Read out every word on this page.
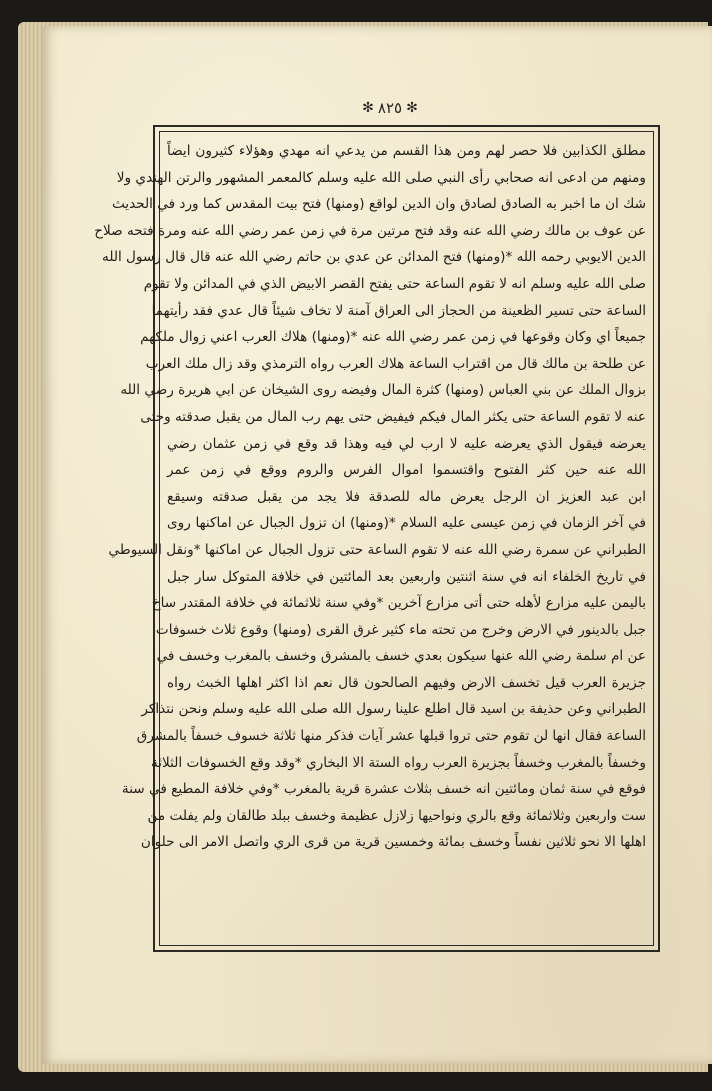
✻ ٨٢٥ ✻
مطلق الكذابين فلا حصر لهم ومن هذا القسم من يدعي انه مهدي وهؤلاء كثيرون ايضاً
ومنهم من ادعى انه صحابي رأى النبي صلى الله عليه وسلم كالمعمر المشهور والرتن الهندي ولا
شك ان ما اخبر به الصادق لصادق وان الدين لواقع (ومنها) فتح بيت المقدس كما ورد في الحديث
عن عوف بن مالك رضي الله عنه وقد فتح مرتين مرة في زمن عمر رضي الله عنه ومرة فتحه صلاح
الدين الايوبي رحمه الله *(ومنها) فتح المدائن عن عدي بن حاتم رضي الله عنه قال قال رسول الله
صلى الله عليه وسلم انه لا تقوم الساعة حتى يفتح القصر الابيض الذي في المدائن ولا تقوم
الساعة حتى تسير الظعينة من الحجاز الى العراق آمنة لا تخاف شيئاً قال عدي فقد رأيتهما
جميعاً اي وكان وقوعها في زمن عمر رضي الله عنه *(ومنها) هلاك العرب اعني زوال ملكهم
عن طلحة بن مالك قال من اقتراب الساعة هلاك العرب رواه الترمذي وقد زال ملك العرب
بزوال الملك عن بني العباس (ومنها) كثرة المال وفيضه روى الشيخان عن ابي هريرة رضي الله
عنه لا تقوم الساعة حتى يكثر المال فيكم فيفيض حتى يهم رب المال من يقبل صدقته وحتى
يعرضه فيقول الذي يعرضه عليه لا ارب لي فيه وهذا قد وقع في زمن عثمان رضي
الله عنه حين كثر الفتوح واقتسموا اموال الفرس والروم ووقع في زمن عمر
ابن عبد العزيز ان الرجل يعرض ماله للصدقة فلا يجد من يقبل صدقته وسيقع
في آخر الزمان في زمن عيسى عليه السلام *(ومنها) ان تزول الجبال عن اماكنها روى
الطبراني عن سمرة رضي الله عنه لا تقوم الساعة حتى تزول الجبال عن اماكنها *ونقل السيوطي
في تاريخ الخلفاء انه في سنة اثنتين واربعين بعد المائتين في خلافة المتوكل سار جبل
باليمن عليه مزارع لأهله حتى أتى مزارع آخرين *وفي سنة ثلاثمائة في خلافة المقتدر ساخ
جبل بالدينور في الارض وخرج من تحته ماء كثير غرق القرى (ومنها) وقوع ثلاث خسوفات
عن ام سلمة رضي الله عنها سيكون بعدي خسف بالمشرق وخسف بالمغرب وخسف في
جزيرة العرب قيل تخسف الارض وفيهم الصالحون قال نعم اذا اكثر اهلها الخبث رواه
الطبراني وعن حذيفة بن اسيد قال اطلع علينا رسول الله صلى الله عليه وسلم ونحن نتذاكر
الساعة فقال انها لن تقوم حتى تروا قبلها عشر آيات فذكر منها ثلاثة خسوف خسفاً بالمشرق
وخسفاً بالمغرب وخسفاً بجزيرة العرب رواه الستة الا البخاري *وقد وقع الخسوفات الثلاثة
فوقع في سنة ثمان ومائتين انه خسف بثلاث عشرة قرية بالمغرب *وفي خلافة المطيع في سنة
ست واربعين وثلاثمائة وقع بالري ونواحيها زلازل عظيمة وخسف ببلد طالقان ولم يفلت من
اهلها الا نحو ثلاثين نفساً وخسف بمائة وخمسين قرية من قرى الري واتصل الامر الى حلوان
